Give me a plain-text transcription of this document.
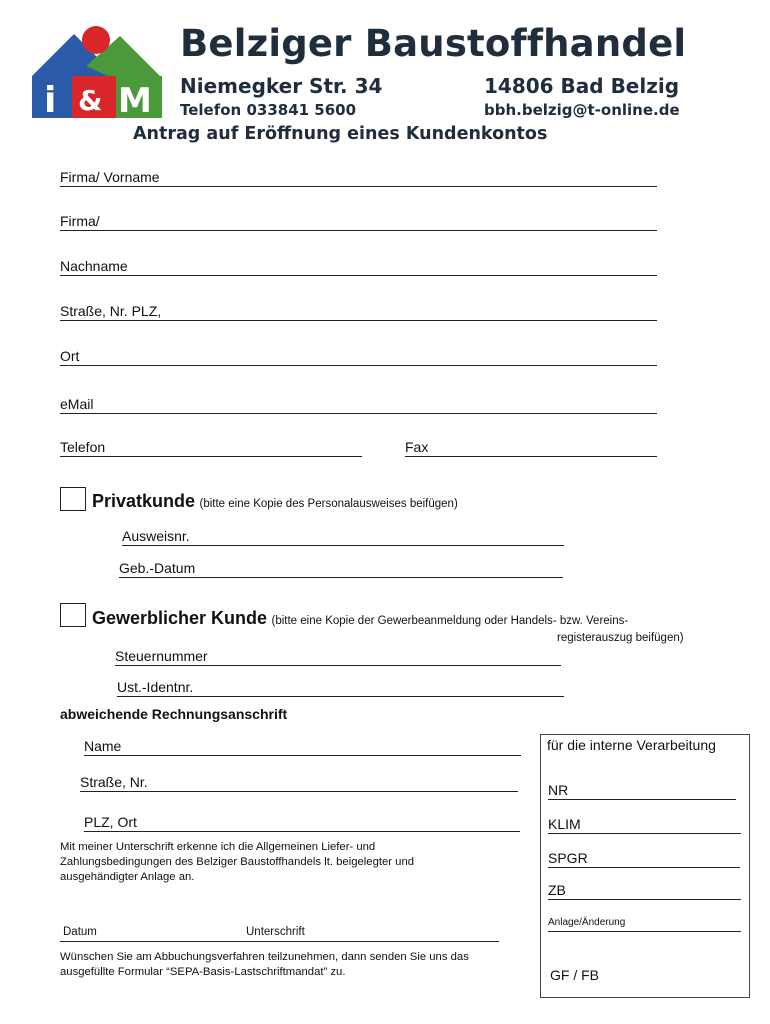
i & M
Belziger Baustoffhandel
Niemegker Str. 34	14806 Bad Belzig
Telefon 033841 5600	bbh.belzig@t-online.de
Antrag auf Eröffnung eines Kundenkontos
Firma/ Vorname
Firma/
Nachname
Straße, Nr. PLZ,
Ort
eMail
Telefon	Fax
Privatkunde (bitte eine Kopie des Personalausweises beifügen)
Ausweisnr.
Geb.-Datum
Gewerblicher Kunde (bitte eine Kopie der Gewerbeanmeldung oder Handels- bzw. Vereins-
registerauszug beifügen)
Steuernummer
Ust.-Identnr.
abweichende Rechnungsanschrift
Name
Straße, Nr.
PLZ, Ort
Mit meiner Unterschrift erkenne ich die Allgemeinen Liefer- und
Zahlungsbedingungen des Belziger Baustoffhandels lt. beigelegter und
ausgehändigter Anlage an.
Datum	Unterschrift
Wünschen Sie am Abbuchungsverfahren teilzunehmen, dann senden Sie uns das
ausgefüllte Formular “SEPA-Basis-Lastschriftmandat” zu.
für die interne Verarbeitung
NR
KLIM
SPGR
ZB
Anlage/Änderung
GF / FB
